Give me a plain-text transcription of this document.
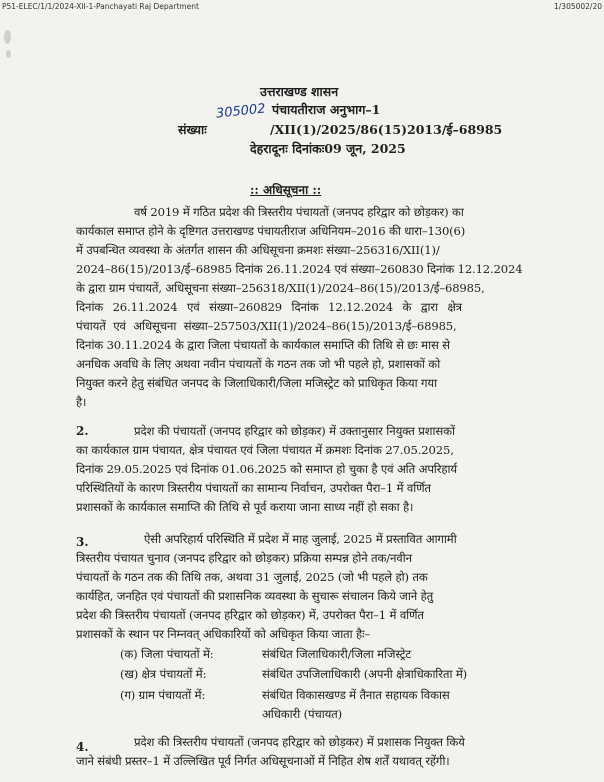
P51-ELEC/1/1/2024-XII-1-Panchayati Raj Department	1/305002/20
उत्तराखण्ड शासन
संख्याः
305002 पंचायतीराज अनुभाग–1
/XII(1)/2025/86(15)2013/ई–68985
देहरादूनः दिनांकः09 जून, 2025
:: अधिसूचना ::
वर्ष 2019 में गठित प्रदेश की त्रिस्तरीय पंचायतों (जनपद हरिद्वार को छोड़कर) का
कार्यकाल समाप्त होने के दृष्टिगत उत्तराखण्ड पंचायतीराज अधिनियम–2016 की धारा–130(6)
में उपबन्धित व्यवस्था के अंतर्गत शासन की अधिसूचना क्रमशः संख्या–256316/XII(1)/
2024–86(15)/2013/ई–68985 दिनांक 26.11.2024 एवं संख्या–260830 दिनांक 12.12.2024
के द्वारा ग्राम पंचायतें, अधिसूचना संख्या–256318/XII(1)/2024–86(15)/2013/ई–68985,
दिनांक 26.11.2024 एवं संख्या–260829 दिनांक 12.12.2024 के द्वारा क्षेत्र
पंचायतें एवं अधिसूचना संख्या–257503/XII(1)/2024–86(15)/2013/ई–68985,
दिनांक 30.11.2024 के द्वारा जिला पंचायतों के कार्यकाल समाप्ति की तिथि से छः मास से
अनधिक अवधि के लिए अथवा नवीन पंचायतों के गठन तक जो भी पहले हो, प्रशासकों को
नियुक्त करने हेतु संबंधित जनपद के जिलाधिकारी/जिला मजिस्ट्रेट को प्राधिकृत किया गया
है।
2.	प्रदेश की पंचायतों (जनपद हरिद्वार को छोड़कर) में उक्तानुसार नियुक्त प्रशासकों
का कार्यकाल ग्राम पंचायत, क्षेत्र पंचायत एवं जिला पंचायत में क्रमशः दिनांक 27.05.2025,
दिनांक 29.05.2025 एवं दिनांक 01.06.2025 को समाप्त हो चुका है एवं अति अपरिहार्य
परिस्थितियों के कारण त्रिस्तरीय पंचायतों का सामान्य निर्वाचन, उपरोक्त पैरा–1 में वर्णित
प्रशासकों के कार्यकाल समाप्ति की तिथि से पूर्व कराया जाना साध्य नहीं हो सका है।
3.	ऐसी अपरिहार्य परिस्थिति में प्रदेश में माह जुलाई, 2025 में प्रस्तावित आगामी
त्रिस्तरीय पंचायत चुनाव (जनपद हरिद्वार को छोड़कर) प्रक्रिया सम्पन्न होने तक/नवीन
पंचायतों के गठन तक की तिथि तक, अथवा 31 जुलाई, 2025 (जो भी पहले हो) तक
कार्यहित, जनहित एवं पंचायतों की प्रशासनिक व्यवस्था के सुचारू संचालन किये जाने हेतु
प्रदेश की त्रिस्तरीय पंचायतों (जनपद हरिद्वार को छोड़कर) में, उपरोक्त पैरा–1 में वर्णित
प्रशासकों के स्थान पर निम्नवत् अधिकारियों को अधिकृत किया जाता हैः–
(क) जिला पंचायतों में:	संबंधित जिलाधिकारी/जिला मजिस्ट्रेट
(ख) क्षेत्र पंचायतों में:	संबंधित उपजिलाधिकारी (अपनी क्षेत्राधिकारिता में)
(ग) ग्राम पंचायतों में:	संबंधित विकासखण्ड में तैनात सहायक विकास
अधिकारी (पंचायत)
4.	प्रदेश की त्रिस्तरीय पंचायतों (जनपद हरिद्वार को छोड़कर) में प्रशासक नियुक्त किये
जाने संबंधी प्रस्तर–1 में उल्लिखित पूर्व निर्गत अधिसूचनाओं में निहित शेष शर्तें यथावत् रहेंगी।
